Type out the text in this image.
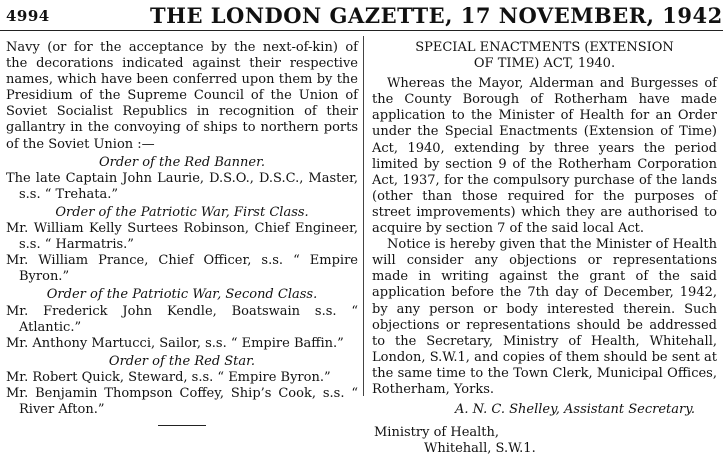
4994	THE LONDON GAZETTE, 17 NOVEMBER, 1942

Navy (or for the acceptance by the next-of-kin) of

the decorations indicated against their respective

names, which have been conferred upon them by the

Presidium of the Supreme Council of the Union of

Soviet Socialist Republics in recognition of their

gallantry in the convoying of ships to northern ports

of the Soviet Union :—

Order of the Red Banner.

The late Captain John Laurie, D.S.O., D.S.C., Master, s.s. “ Trehata.”

Order of the Patriotic War, First Class.

Mr. William Kelly Surtees Robinson, Chief Engineer, s.s. “ Harmatris.”

Mr. William Prance, Chief Officer, s.s. “ Empire Byron.”

Order of the Patriotic War, Second Class.

Mr. Frederick John Kendle, Boatswain s.s. “ Atlantic.”

Mr. Anthony Martucci, Sailor, s.s. “ Empire Baffin.”

Order of the Red Star.

Mr. Robert Quick, Steward, s.s. “ Empire Byron.”

Mr. Benjamin Thompson Coffey, Ship’s Cook, s.s. “ River Afton.”

SPECIAL ENACTMENTS (EXTENSION

OF TIME) ACT, 1940.

Whereas the Mayor, Alderman and Burgesses of the County Borough of Rotherham have made application to the Minister of Health for an Order under the Special Enactments (Extension of Time) Act, 1940, extending by three years the period limited by section 9 of the Rotherham Corporation Act, 1937, for the compulsory purchase of the lands (other than those required for the purposes of street improvements) which they are authorised to acquire by section 7 of the said local Act.

Notice is hereby given that the Minister of Health will consider any objections or representations made in writing against the grant of the said application before the 7th day of December, 1942, by any person or body interested therein. Such objections or representations should be addressed to the Secretary, Ministry of Health, Whitehall, London, S.W.1, and copies of them should be sent at the same time to the Town Clerk, Municipal Offices, Rotherham, Yorks.

A. N. C. Shelley, Assistant Secretary.

Ministry of Health,

Whitehall, S.W.1.
